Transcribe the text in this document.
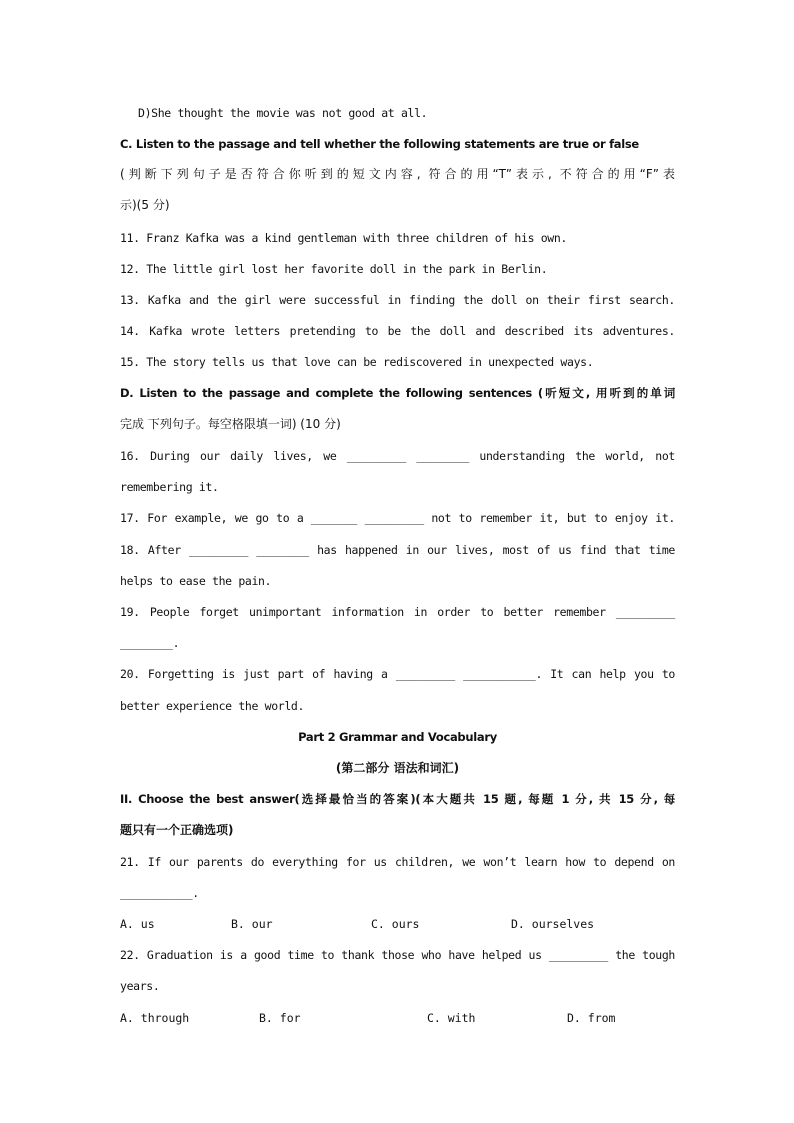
D)She thought the movie was not good at all.
C. Listen to the passage and tell whether the following statements are true or false
(判断下列句子是否符合你听到的短文内容, 符合的用“T”表示, 不符合的用“F”表
示)(5 分)
11. Franz Kafka was a kind gentleman with three children of his own.
12. The little girl lost her favorite doll in the park in Berlin.
13. Kafka and the girl were successful in finding the doll on their first search.
14. Kafka wrote letters pretending to be the doll and described its adventures.
15. The story tells us that love can be rediscovered in unexpected ways.
D. Listen to the passage and complete the following sentences (听短文, 用听到的单词
完成 下列句子。每空格限填一词) (10 分)
16. During our daily lives, we _________ ________ understanding the world, not
remembering it.
17. For example, we go to a _______ _________ not to remember it, but to enjoy it.
18. After _________ ________ has happened in our lives, most of us find that time
helps to ease the pain.
19. People forget unimportant information in order to better remember _________
________.
20. Forgetting is just part of having a _________ ___________. It can help you to
better experience the world.
Part 2 Grammar and Vocabulary
(第二部分 语法和词汇)
II. Choose the best answer(选择最恰当的答案)(本大题共 15 题, 每题 1 分, 共 15 分, 每
题只有一个正确选项)
21. If our parents do everything for us children, we won’t learn how to depend on
___________.
A. us	B. our	C. ours	D. ourselves
22. Graduation is a good time to thank those who have helped us _________ the tough
years.
A. through	B. for	C. with	D. from
